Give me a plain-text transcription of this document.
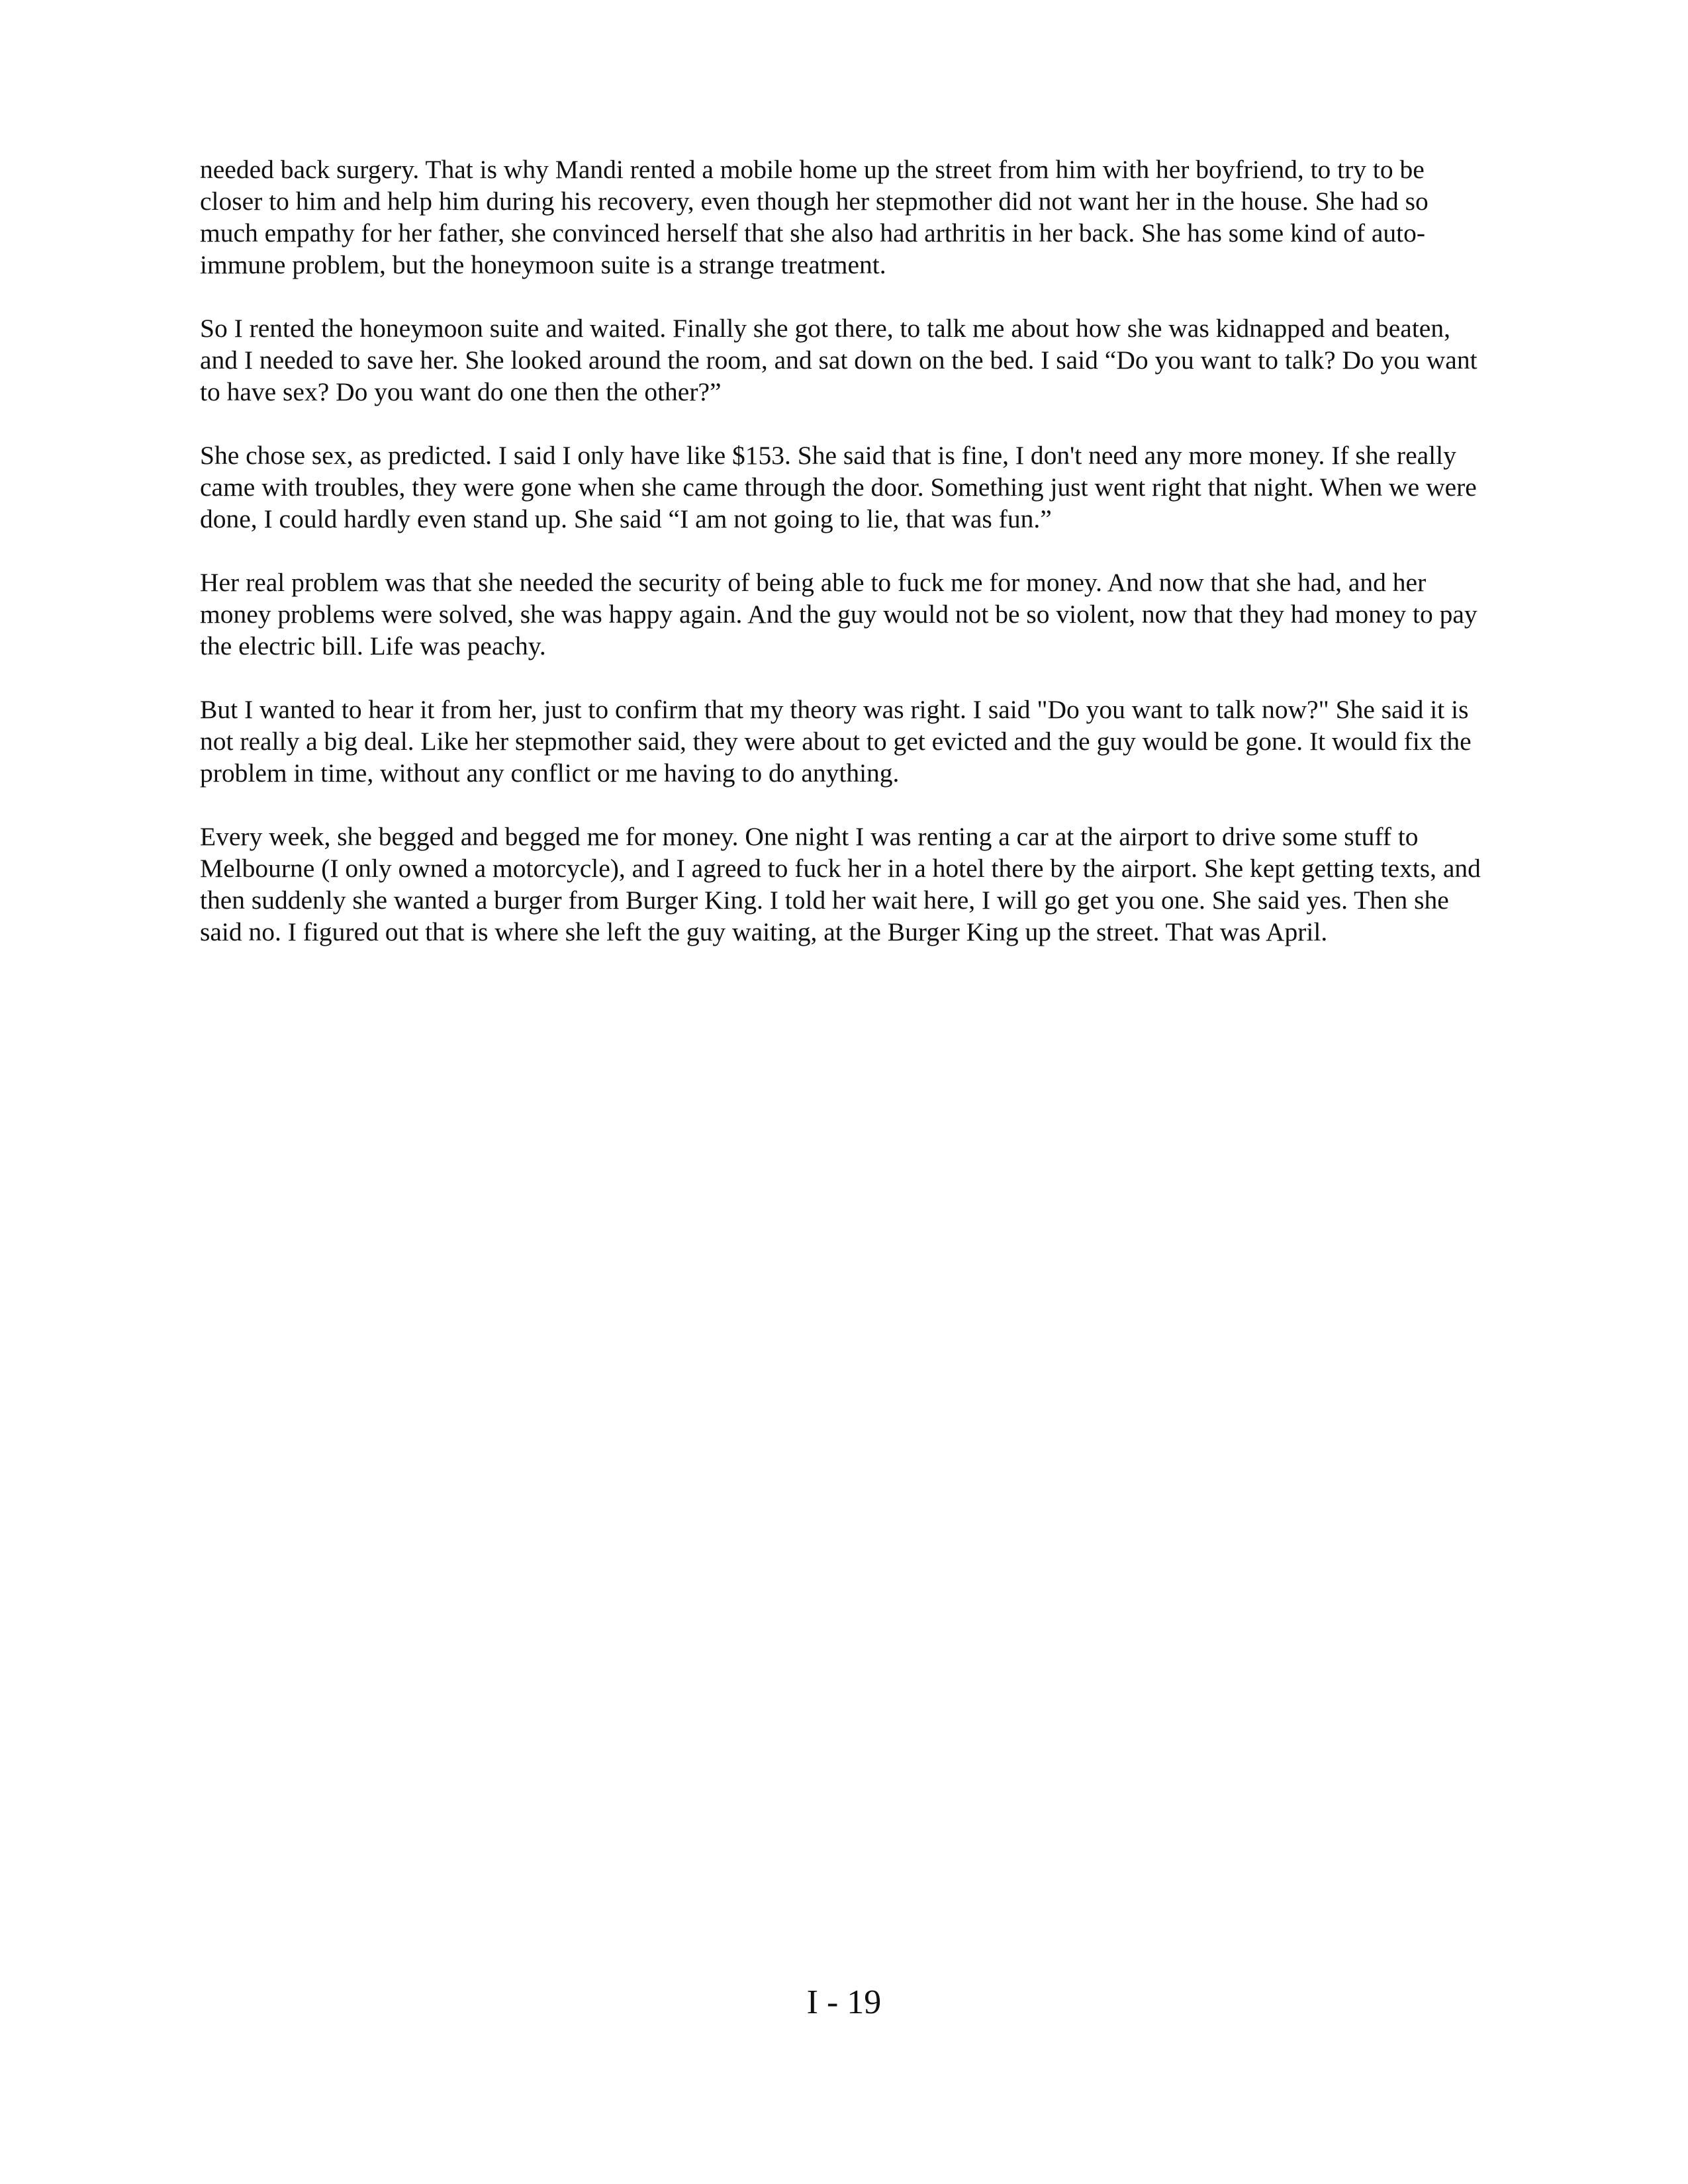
needed back surgery. That is why Mandi rented a mobile home up the street from him with her boyfriend, to try to be closer to him and help him during his recovery, even though her stepmother did not want her in the house. She had so much empathy for her father, she convinced herself that she also had arthritis in her back. She has some kind of auto-immune problem, but the honeymoon suite is a strange treatment.

So I rented the honeymoon suite and waited. Finally she got there, to talk me about how she was kidnapped and beaten, and I needed to save her. She looked around the room, and sat down on the bed. I said “Do you want to talk? Do you want to have sex? Do you want do one then the other?”

She chose sex, as predicted. I said I only have like $153. She said that is fine, I don't need any more money. If she really came with troubles, they were gone when she came through the door. Something just went right that night. When we were done, I could hardly even stand up. She said “I am not going to lie, that was fun.”

Her real problem was that she needed the security of being able to fuck me for money. And now that she had, and her money problems were solved, she was happy again. And the guy would not be so violent, now that they had money to pay the electric bill. Life was peachy.

But I wanted to hear it from her, just to confirm that my theory was right. I said "Do you want to talk now?" She said it is not really a big deal. Like her stepmother said, they were about to get evicted and the guy would be gone. It would fix the problem in time, without any conflict or me having to do anything.

Every week, she begged and begged me for money. One night I was renting a car at the airport to drive some stuff to Melbourne (I only owned a motorcycle), and I agreed to fuck her in a hotel there by the airport. She kept getting texts, and then suddenly she wanted a burger from Burger King. I told her wait here, I will go get you one. She said yes. Then she said no. I figured out that is where she left the guy waiting, at the Burger King up the street. That was April.

I - 19
